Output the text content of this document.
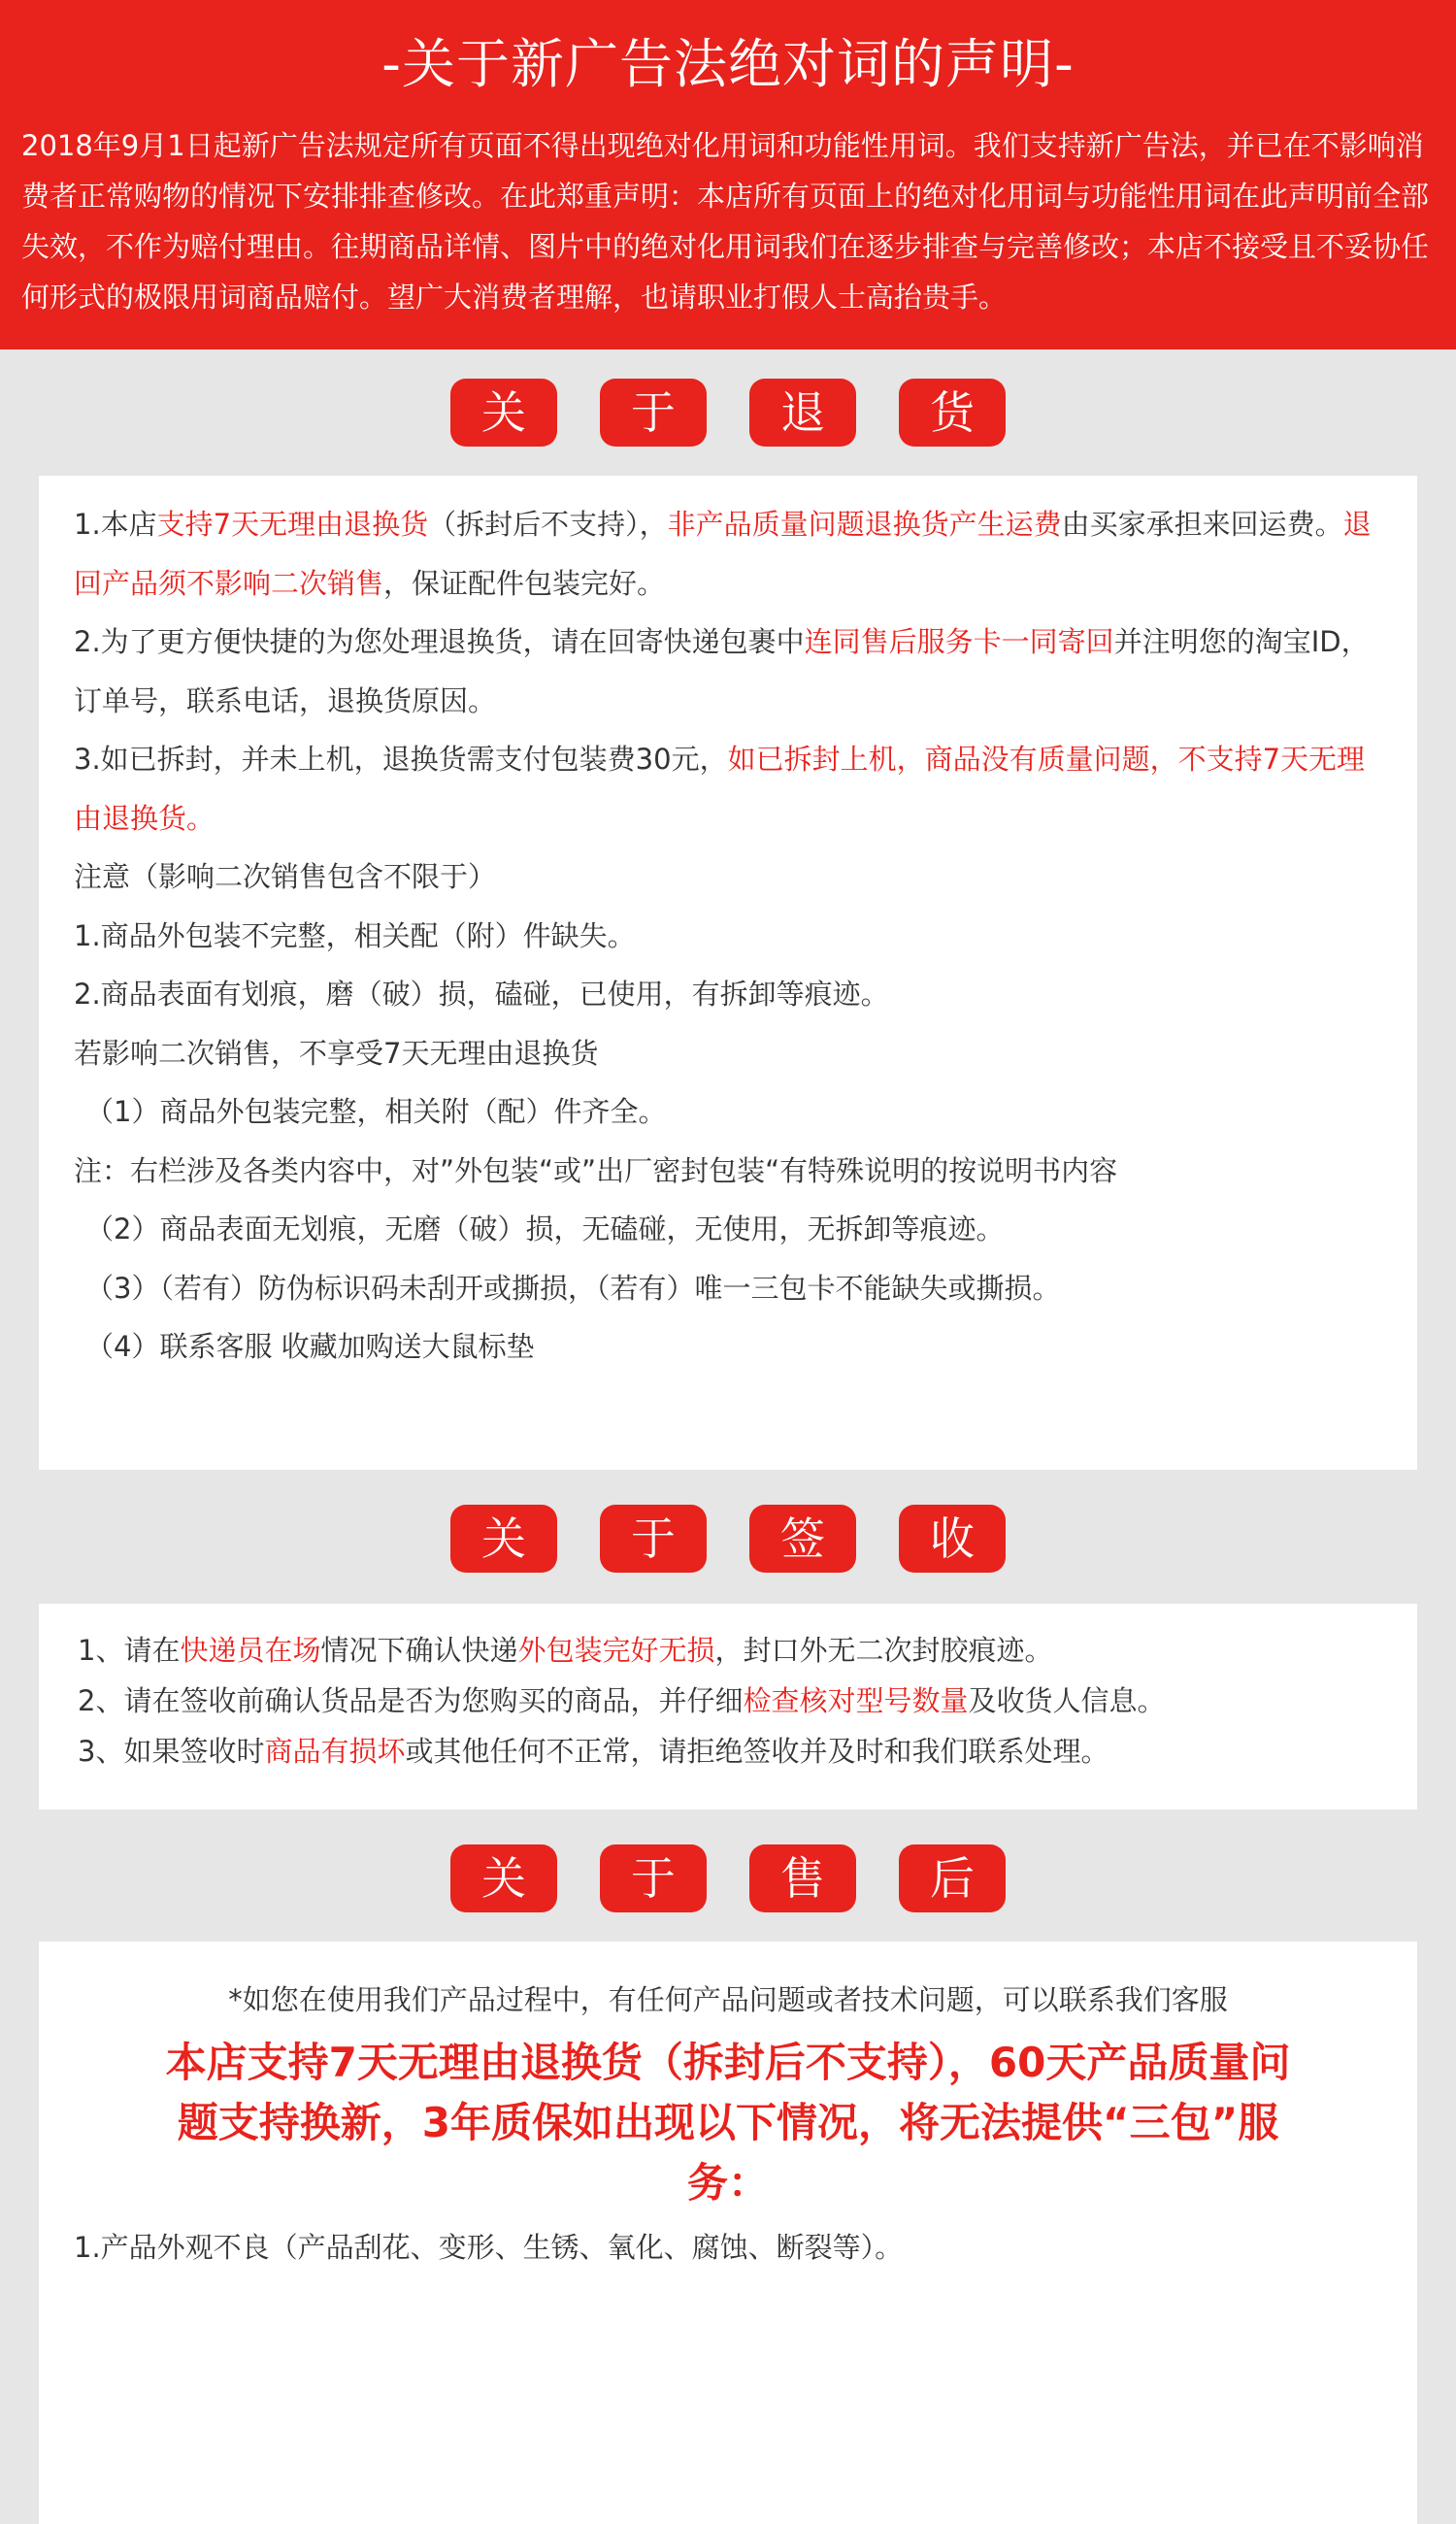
-关于新广告法绝对词的声明-

2018年9月1日起新广告法规定所有页面不得出现绝对化用词和功能性用词。我们支持新广告法，并已在不影响消费者正常购物的情况下安排排查修改。在此郑重声明：本店所有页面上的绝对化用词与功能性用词在此声明前全部失效，不作为赔付理由。往期商品详情、图片中的绝对化用词我们在逐步排查与完善修改；本店不接受且不妥协任何形式的极限用词商品赔付。望广大消费者理解，也请职业打假人士高抬贵手。

关	于	退	货

1.本店支持7天无理由退换货（拆封后不支持），非产品质量问题退换货产生运费由买家承担来回运费。退回产品须不影响二次销售，保证配件包装完好。

2.为了更方便快捷的为您处理退换货，请在回寄快递包裹中连同售后服务卡一同寄回并注明您的淘宝ID，订单号，联系电话，退换货原因。

3.如已拆封，并未上机，退换货需支付包装费30元，如已拆封上机，商品没有质量问题，不支持7天无理由退换货。

注意（影响二次销售包含不限于）

1.商品外包装不完整，相关配（附）件缺失。

2.商品表面有划痕，磨（破）损，磕碰，已使用，有拆卸等痕迹。

若影响二次销售，不享受7天无理由退换货

（1）商品外包装完整，相关附（配）件齐全。

注：右栏涉及各类内容中，对”外包装“或”出厂密封包装“有特殊说明的按说明书内容

（2）商品表面无划痕，无磨（破）损，无磕碰，无使用，无拆卸等痕迹。

（3）（若有）防伪标识码未刮开或撕损，（若有）唯一三包卡不能缺失或撕损。

（4）联系客服 收藏加购送大鼠标垫

关	于	签	收

1、请在快递员在场情况下确认快递外包装完好无损，封口外无二次封胶痕迹。

2、请在签收前确认货品是否为您购买的商品，并仔细检查核对型号数量及收货人信息。

3、如果签收时商品有损坏或其他任何不正常，请拒绝签收并及时和我们联系处理。

关	于	售	后

*如您在使用我们产品过程中，有任何产品问题或者技术问题，可以联系我们客服

本店支持7天无理由退换货（拆封后不支持），60天产品质量问题支持换新，3年质保如出现以下情况，将无法提供“三包”服务：

1.产品外观不良（产品刮花、变形、生锈、氧化、腐蚀、断裂等）。
